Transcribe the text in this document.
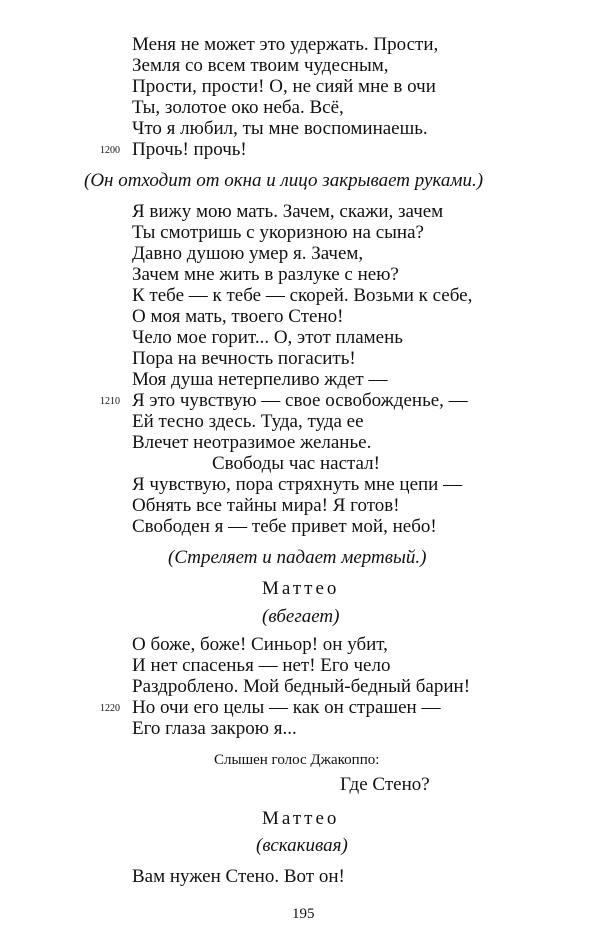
Меня не может это удержать. Прости,
Земля со всем твоим чудесным,
Прости, прости! О, не сияй мне в очи
Ты, золотое око неба. Всё,
Что я любил, ты мне воспоминаешь.
1200 Прочь! прочь!
(Он отходит от окна и лицо закрывает руками.)
Я вижу мою мать. Зачем, скажи, зачем
Ты смотришь с укоризною на сына?
Давно душою умер я. Зачем,
Зачем мне жить в разлуке с нею?
К тебе — к тебе — скорей. Возьми к себе,
О моя мать, твоего Стено!
Чело мое горит... О, этот пламень
Пора на вечность погасить!
Моя душа нетерпеливо ждет —
1210 Я это чувствую — свое освобожденье, —
Ей тесно здесь. Туда, туда ее
Влечет неотразимое желанье.
Свободы час настал!
Я чувствую, пора стряхнуть мне цепи —
Обнять все тайны мира! Я готов!
Свободен я — тебе привет мой, небо!
(Стреляет и падает мертвый.)
Маттео
(вбегает)
О боже, боже! Синьор! он убит,
И нет спасенья — нет! Его чело
Раздроблено. Мой бедный-бедный барин!
1220 Но очи его целы — как он страшен —
Его глаза закрою я...
Слышен голос Джакоппо:
Где Стено?
Маттео
(вскакивая)
Вам нужен Стено. Вот он!
195
